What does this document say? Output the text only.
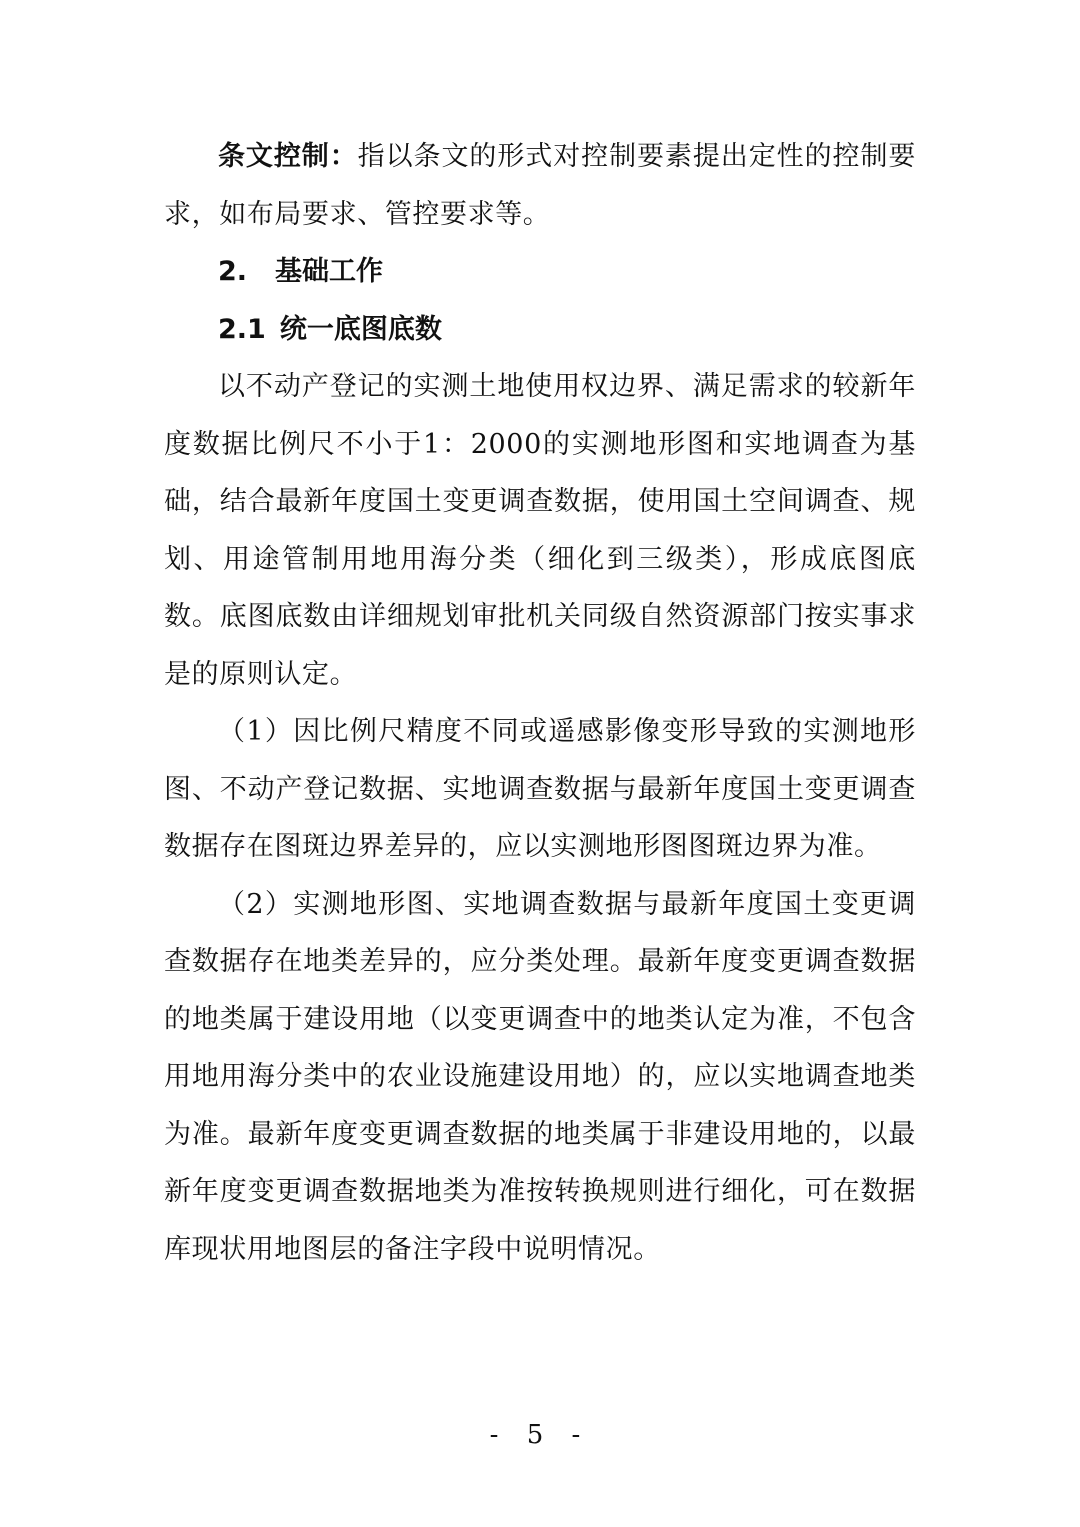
条文控制：指以条文的形式对控制要素提出定性的控制要求，如布局要求、管控要求等。

2. 基础工作
2.1 统一底图底数

以不动产登记的实测土地使用权边界、满足需求的较新年度数据比例尺不小于1：2000的实测地形图和实地调查为基础，结合最新年度国土变更调查数据，使用国土空间调查、规划、用途管制用地用海分类（细化到三级类），形成底图底数。底图底数由详细规划审批机关同级自然资源部门按实事求是的原则认定。

（1）因比例尺精度不同或遥感影像变形导致的实测地形图、不动产登记数据、实地调查数据与最新年度国土变更调查数据存在图斑边界差异的，应以实测地形图图斑边界为准。

（2）实测地形图、实地调查数据与最新年度国土变更调查数据存在地类差异的，应分类处理。最新年度变更调查数据的地类属于建设用地（以变更调查中的地类认定为准，不包含用地用海分类中的农业设施建设用地）的，应以实地调查地类为准。最新年度变更调查数据的地类属于非建设用地的，以最新年度变更调查数据地类为准按转换规则进行细化，可在数据库现状用地图层的备注字段中说明情况。

- 5 -
